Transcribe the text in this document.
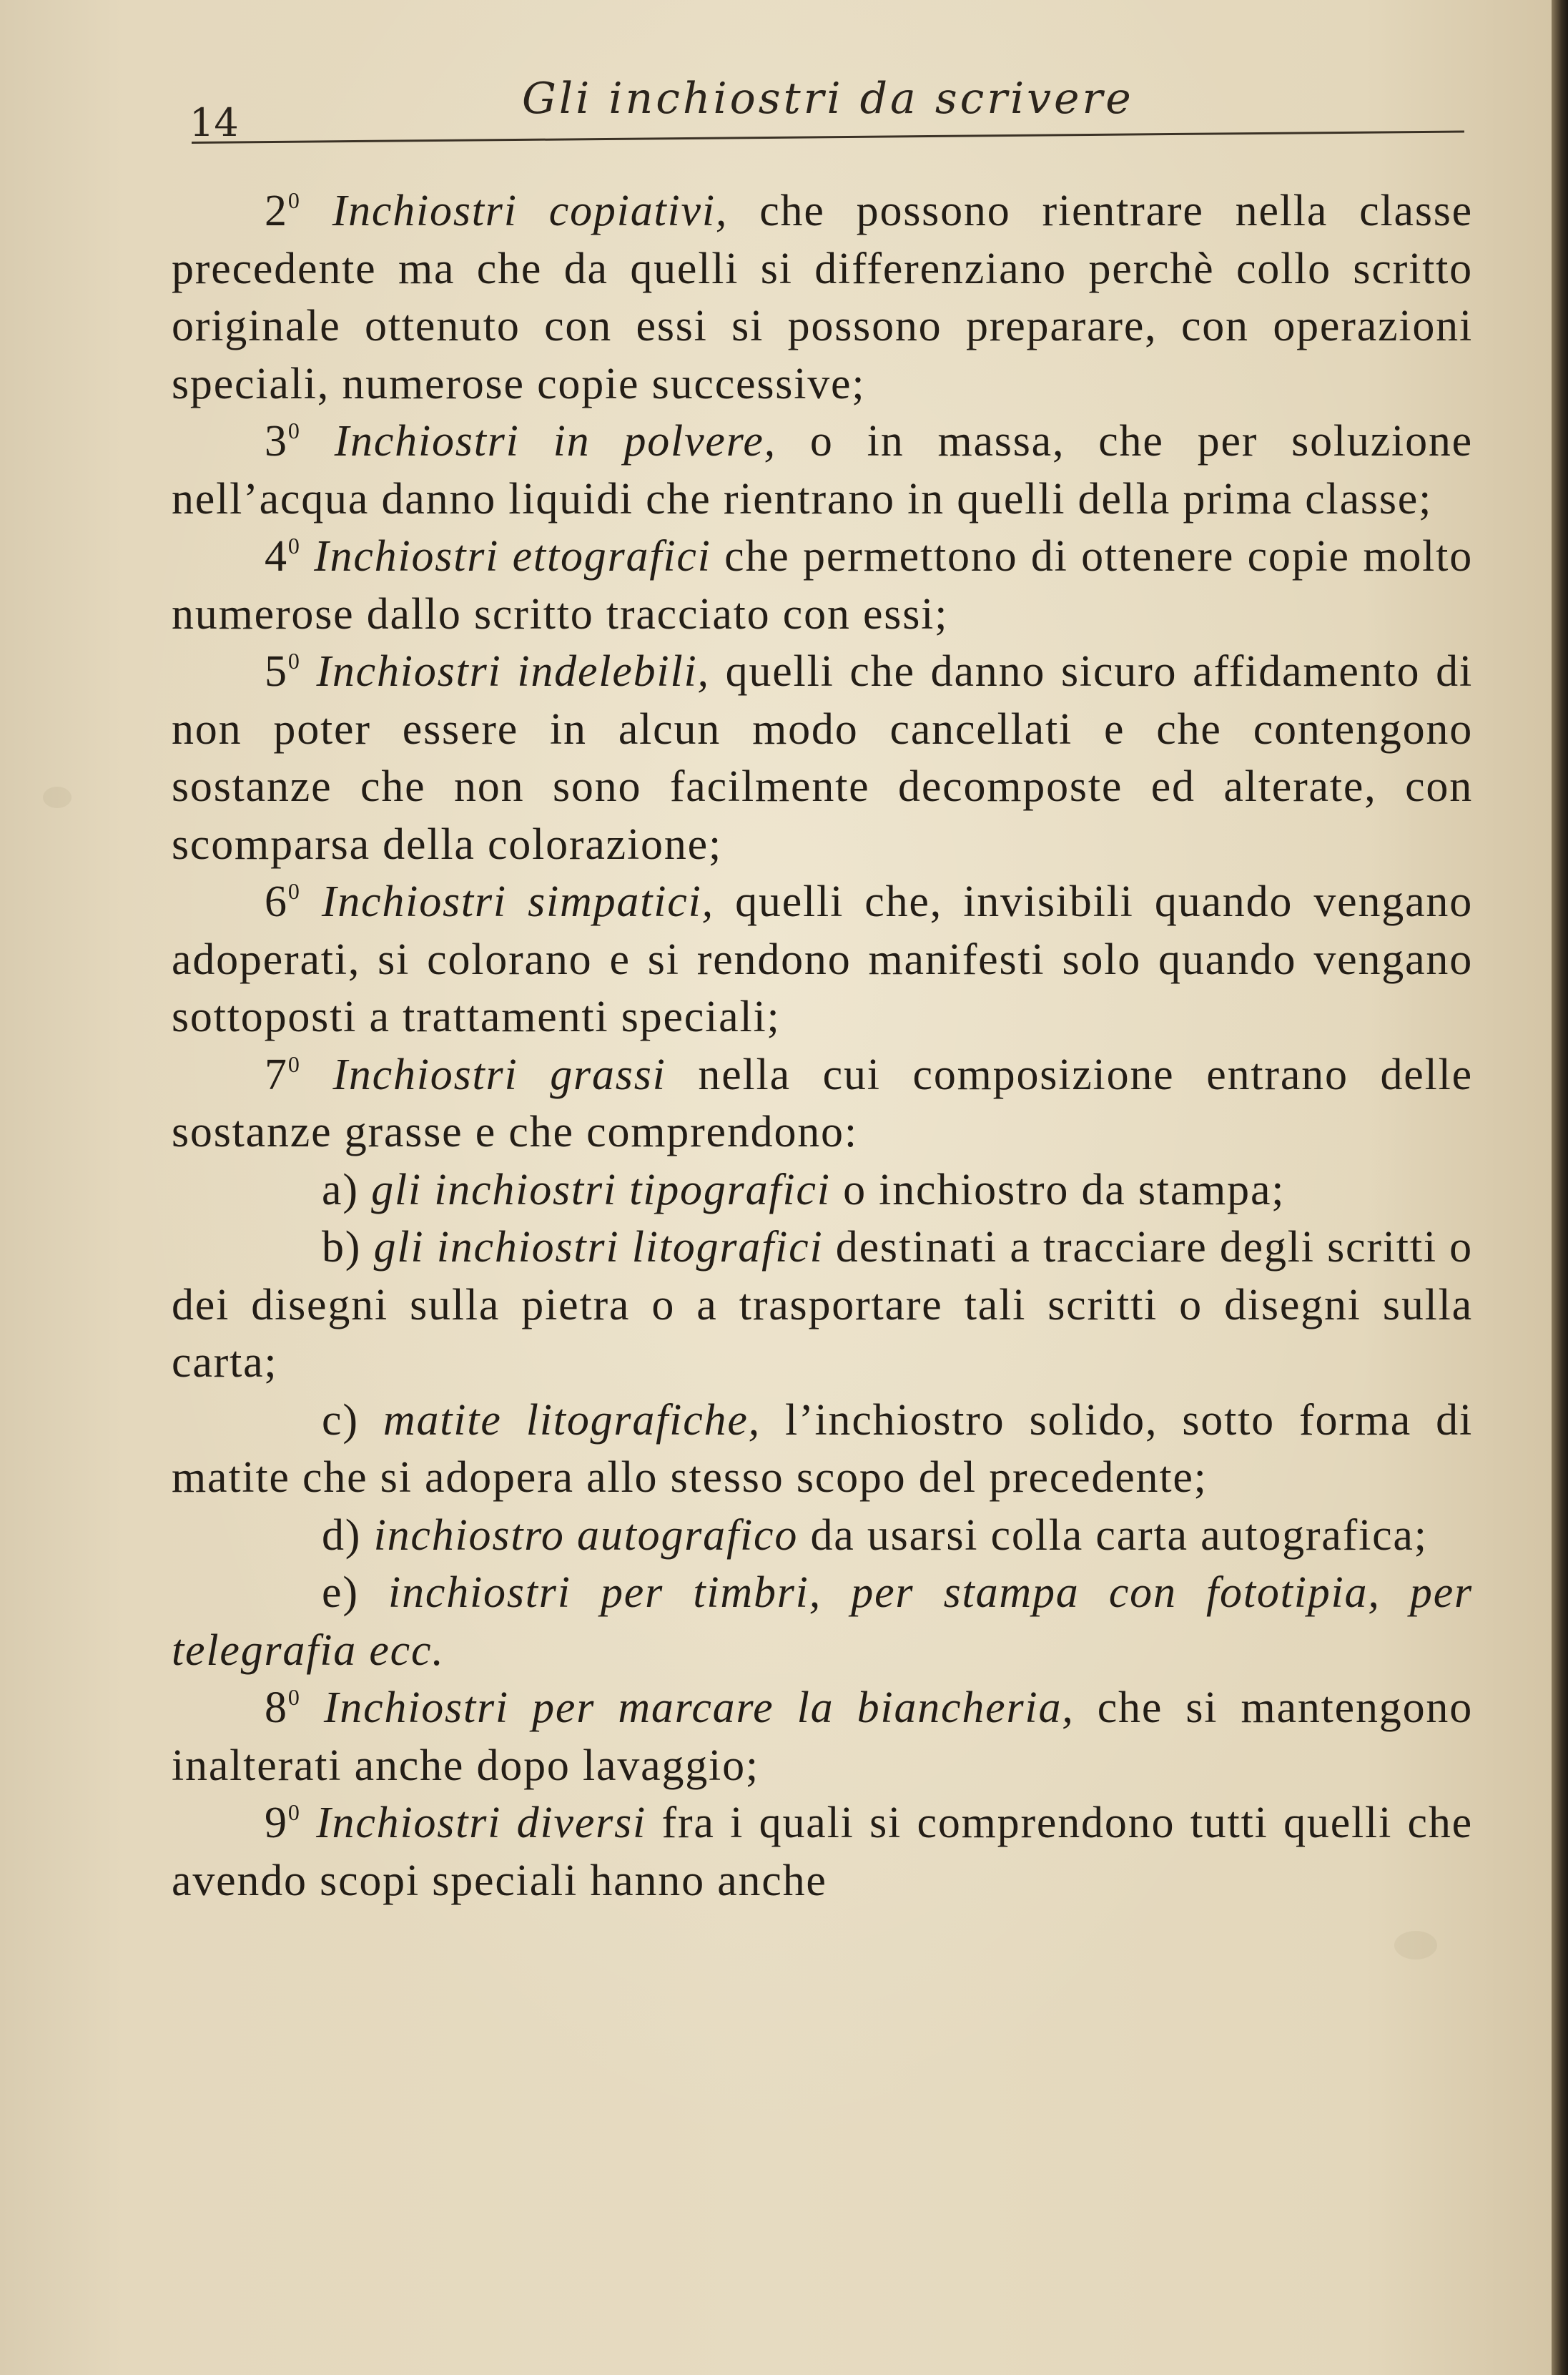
14	Gli inchiostri da scrivere

$2^0$ Inchiostri copiativi, che possono rientrare nella classe precedente ma che da quelli si differenziano perchè collo scritto originale ottenuto con essi si possono preparare, con operazioni speciali, numerose copie successive;

$3^0$ Inchiostri in polvere, o in massa, che per soluzione nell’acqua danno liquidi che rientrano in quelli della prima classe;

$4^0$ Inchiostri ettografici che permettono di ottenere copie molto numerose dallo scritto tracciato con essi;

$5^0$ Inchiostri indelebili, quelli che danno sicuro affidamento di non poter essere in alcun modo cancellati e che contengono sostanze che non sono facilmente decomposte ed alterate, con scomparsa della colorazione;

$6^0$ Inchiostri simpatici, quelli che, invisibili quando vengano adoperati, si colorano e si rendono manifesti solo quando vengano sottoposti a trattamenti speciali;

$7^0$ Inchiostri grassi nella cui composizione entrano delle sostanze grasse e che comprendono:

a) gli inchiostri tipografici o inchiostro da stampa;

b) gli inchiostri litografici destinati a tracciare degli scritti o dei disegni sulla pietra o a trasportare tali scritti o disegni sulla carta;

c) matite litografiche, l’inchiostro solido, sotto forma di matite che si adopera allo stesso scopo del precedente;

d) inchiostro autografico da usarsi colla carta autografica;

e) inchiostri per timbri, per stampa con fototipia, per telegrafia ecc.

$8^0$ Inchiostri per marcare la biancheria, che si mantengono inalterati anche dopo lavaggio;

$9^0$ Inchiostri diversi fra i quali si comprendono tutti quelli che avendo scopi speciali hanno anche
